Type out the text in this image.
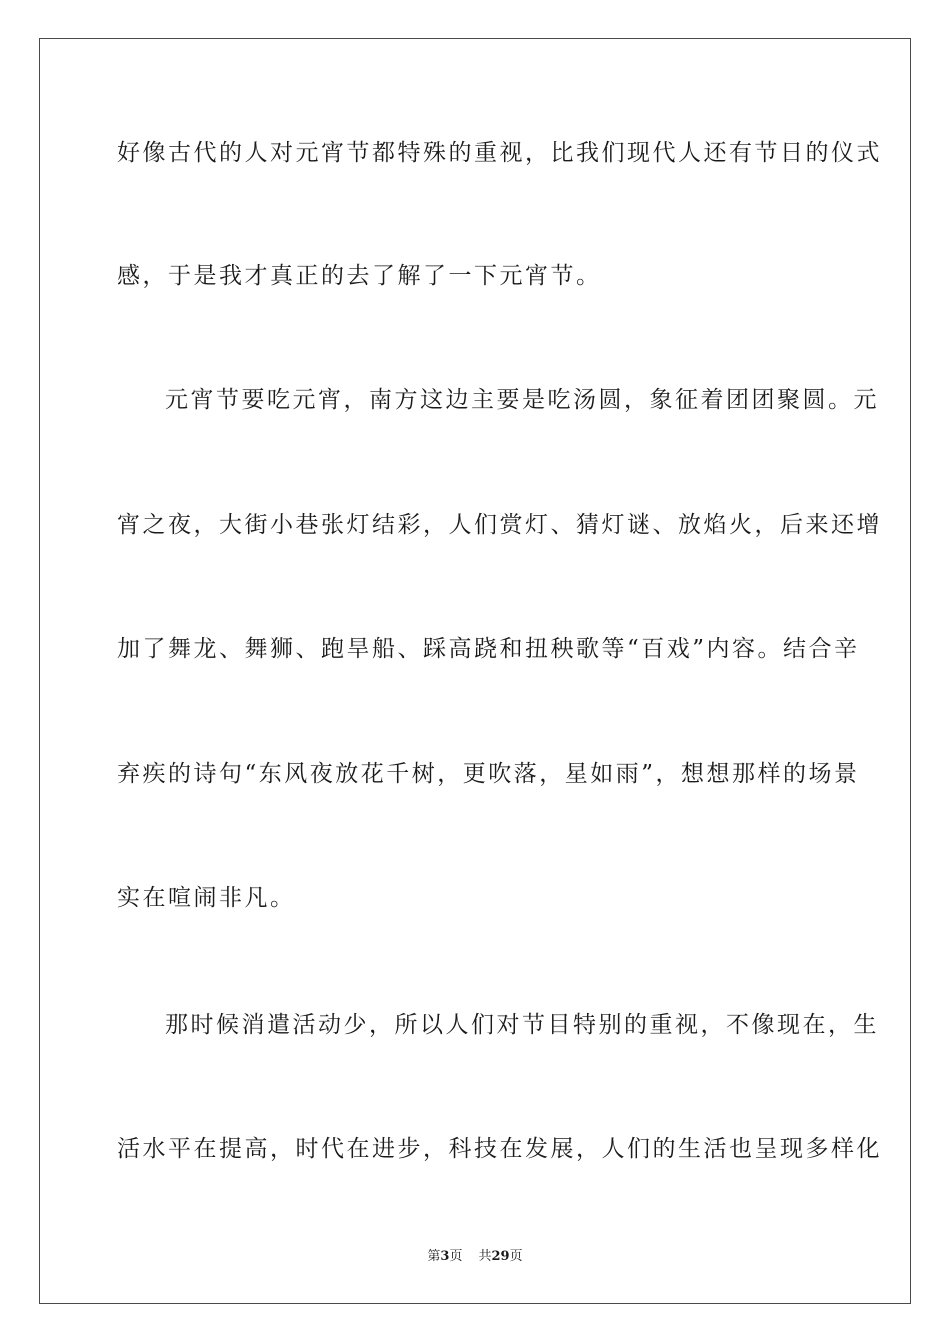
好像古代的人对元宵节都特殊的重视，比我们现代人还有节日的仪式
感，于是我才真正的去了解了一下元宵节。
元宵节要吃元宵，南方这边主要是吃汤圆，象征着团团聚圆。元
宵之夜，大街小巷张灯结彩，人们赏灯、猜灯谜、放焰火，后来还增
加了舞龙、舞狮、跑旱船、踩高跷和扭秧歌等“百戏”内容。结合辛
弃疾的诗句“东风夜放花千树，更吹落，星如雨”，想想那样的场景
实在喧闹非凡。
那时候消遣活动少，所以人们对节目特别的重视，不像现在，生
活水平在提高，时代在进步，科技在发展，人们的生活也呈现多样化
第3页 共29页
